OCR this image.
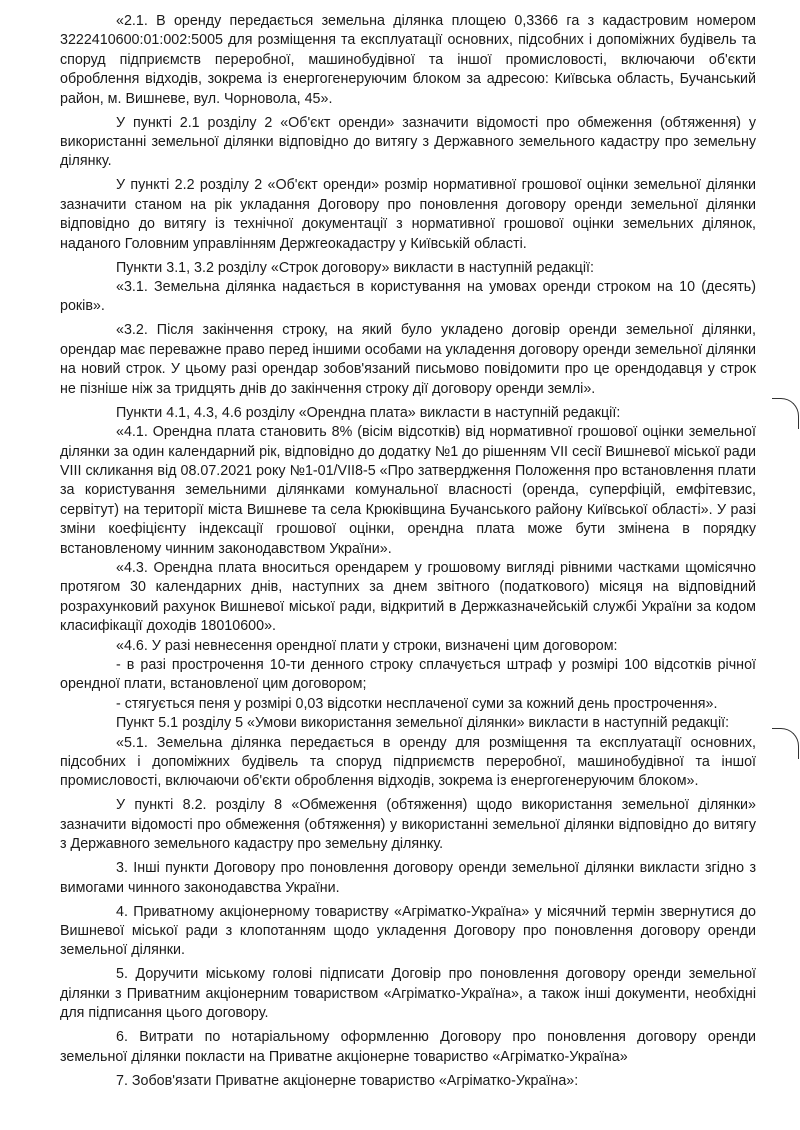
«2.1. В оренду передається земельна ділянка площею 0,3366 га з кадастровим номером 3222410600:01:002:5005 для розміщення та експлуатації основних, підсобних і допоміжних будівель та споруд підприємств переробної, машинобудівної та іншої промисловості, включаючи об'єкти оброблення відходів, зокрема із енергогенеруючим блоком за адресою: Київська область, Бучанський район, м. Вишневе, вул. Чорновола, 45».

У пункті 2.1 розділу 2 «Об'єкт оренди» зазначити відомості про обмеження (обтяження) у використанні земельної ділянки відповідно до витягу з Державного земельного кадастру про земельну ділянку.

У пункті 2.2 розділу 2 «Об'єкт оренди» розмір нормативної грошової оцінки земельної ділянки зазначити станом на рік укладання Договору про поновлення договору оренди земельної ділянки відповідно до витягу із технічної документації з нормативної грошової оцінки земельних ділянок, наданого Головним управлінням Держгеокадастру у Київській області.

Пункти 3.1, 3.2 розділу «Строк договору» викласти в наступній редакції:

«3.1. Земельна ділянка надається в користування на умовах оренди строком на 10 (десять) років».

«3.2. Після закінчення строку, на який було укладено договір оренди земельної ділянки, орендар має переважне право перед іншими особами на укладення договору оренди земельної ділянки на новий строк. У цьому разі орендар зобов'язаний письмово повідомити про це орендодавця у строк не пізніше ніж за тридцять днів до закінчення строку дії договору оренди землі».

Пункти 4.1, 4.3, 4.6 розділу «Орендна плата» викласти в наступній редакції:

«4.1. Орендна плата становить 8% (вісім відсотків) від нормативної грошової оцінки земельної ділянки за один календарний рік, відповідно до додатку №1 до рішенням VII сесії Вишневої міської ради VIII скликання від 08.07.2021 року №1-01/VII8-5 «Про затвердження Положення про встановлення плати за користування земельними ділянками комунальної власності (оренда, суперфіцій, емфітевзис, сервітут) на території міста Вишневе та села Крюківщина Бучанського району Київської області». У разі зміни коефіцієнту індексації грошової оцінки, орендна плата може бути змінена в порядку встановленому чинним законодавством України».

«4.3. Орендна плата вноситься орендарем у грошовому вигляді рівними частками щомісячно протягом 30 календарних днів, наступних за днем звітного (податкового) місяця на відповідний розрахунковий рахунок Вишневої міської ради, відкритий в Держказначейській службі України за кодом класифікації доходів 18010600».

«4.6. У разі невнесення орендної плати у строки, визначені цим договором:

- в разі прострочення 10-ти денного строку сплачується штраф у розмірі 100 відсотків річної орендної плати, встановленої цим договором;

- стягується пеня у розмірі 0,03 відсотки несплаченої суми за кожний день прострочення».

Пункт 5.1 розділу 5 «Умови використання земельної ділянки» викласти в наступній редакції:

«5.1. Земельна ділянка передається в оренду для розміщення та експлуатації основних, підсобних і допоміжних будівель та споруд підприємств переробної, машинобудівної та іншої промисловості, включаючи об'єкти оброблення відходів, зокрема із енергогенеруючим блоком».

У пункті 8.2. розділу 8 «Обмеження (обтяження) щодо використання земельної ділянки» зазначити відомості про обмеження (обтяження) у використанні земельної ділянки відповідно до витягу з Державного земельного кадастру про земельну ділянку.

3. Інші пункти Договору про поновлення договору оренди земельної ділянки викласти згідно з вимогами чинного законодавства України.

4. Приватному акціонерному товариству «Агріматко-Україна» у місячний термін звернутися до Вишневої міської ради з клопотанням щодо укладення Договору про поновлення договору оренди земельної ділянки.

5. Доручити міському голові підписати Договір про поновлення договору оренди земельної ділянки з Приватним акціонерним товариством «Агріматко-Україна», а також інші документи, необхідні для підписання цього договору.

6. Витрати по нотаріальному оформленню Договору про поновлення договору оренди земельної ділянки покласти на Приватне акціонерне товариство «Агріматко-Україна»

7. Зобов'язати Приватне акціонерне товариство «Агріматко-Україна»:
